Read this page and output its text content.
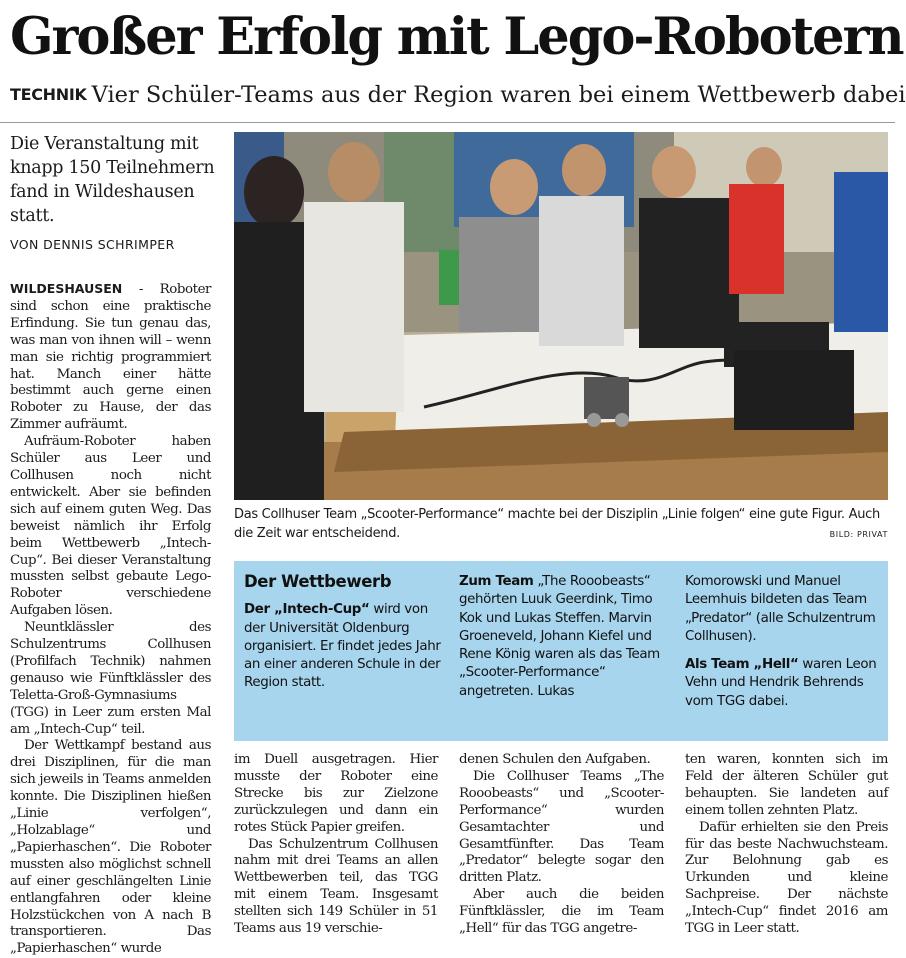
Großer Erfolg mit Lego-Robotern
TECHNIK Vier Schüler-Teams aus der Region waren bei einem Wettbewerb dabei
Die Veranstaltung mit knapp 150 Teilnehmern fand in Wildeshausen statt.
VON DENNIS SCHRIMPER

WILDESHAUSEN - Roboter sind schon eine praktische Erfindung. Sie tun genau das, was man von ihnen will – wenn man sie richtig programmiert hat. Manch einer hätte bestimmt auch gerne einen Roboter zu Hause, der das Zimmer aufräumt.

Aufräum-Roboter haben Schüler aus Leer und Collhusen noch nicht entwickelt. Aber sie befinden sich auf einem guten Weg. Das beweist nämlich ihr Erfolg beim Wettbewerb „Intech-Cup“. Bei dieser Veranstaltung mussten selbst gebaute Lego-Roboter verschiedene Aufgaben lösen.

Neuntklässler des Schulzentrums Collhusen (Profilfach Technik) nahmen genauso wie Fünftklässler des Teletta-Groß-Gymnasiums (TGG) in Leer zum ersten Mal am „Intech-Cup“ teil.

Der Wettkampf bestand aus drei Disziplinen, für die man sich jeweils in Teams anmelden konnte. Die Disziplinen hießen „Linie verfolgen“, „Holzablage“ und „Papierhaschen“. Die Roboter mussten also möglichst schnell auf einer geschlängelten Linie entlangfahren oder kleine Holzstückchen von A nach B transportieren. Das „Papierhaschen“ wurde

Das Collhuser Team „Scooter-Performance“ machte bei der Disziplin „Linie folgen“ eine gute Figur. Auch die Zeit war entscheidend.	BILD: PRIVAT
Der Wettbewerb
Der „Intech-Cup“ wird von der Universität Oldenburg organisiert. Er findet jedes Jahr an einer anderen Schule in der Region statt.
Zum Team „The Rooobeasts“ gehörten Luuk Geerdink, Timo Kok und Lukas Steffen. Marvin Groeneveld, Johann Kiefel und Rene König waren als das Team „Scooter-Performance“ angetreten. Lukas
Komorowski und Manuel Leemhuis bildeten das Team „Predator“ (alle Schulzentrum Collhusen).
Als Team „Hell“ waren Leon Vehn und Hendrik Behrends vom TGG dabei.

im Duell ausgetragen. Hier musste der Roboter eine Strecke bis zur Zielzone zurückzulegen und dann ein rotes Stück Papier greifen.

Das Schulzentrum Collhusen nahm mit drei Teams an allen Wettbewerben teil, das TGG mit einem Team. Insgesamt stellten sich 149 Schüler in 51 Teams aus 19 verschie-

denen Schulen den Aufgaben.

Die Collhuser Teams „The Rooobeasts“ und „Scooter-Performance“ wurden Gesamtachter und Gesamtfünfter. Das Team „Predator“ belegte sogar den dritten Platz.

Aber auch die beiden Fünftklässler, die im Team „Hell“ für das TGG angetre-

ten waren, konnten sich im Feld der älteren Schüler gut behaupten. Sie landeten auf einem tollen zehnten Platz.

Dafür erhielten sie den Preis für das beste Nachwuchsteam. Zur Belohnung gab es Urkunden und kleine Sachpreise. Der nächste „Intech-Cup“ findet 2016 am TGG in Leer statt.
